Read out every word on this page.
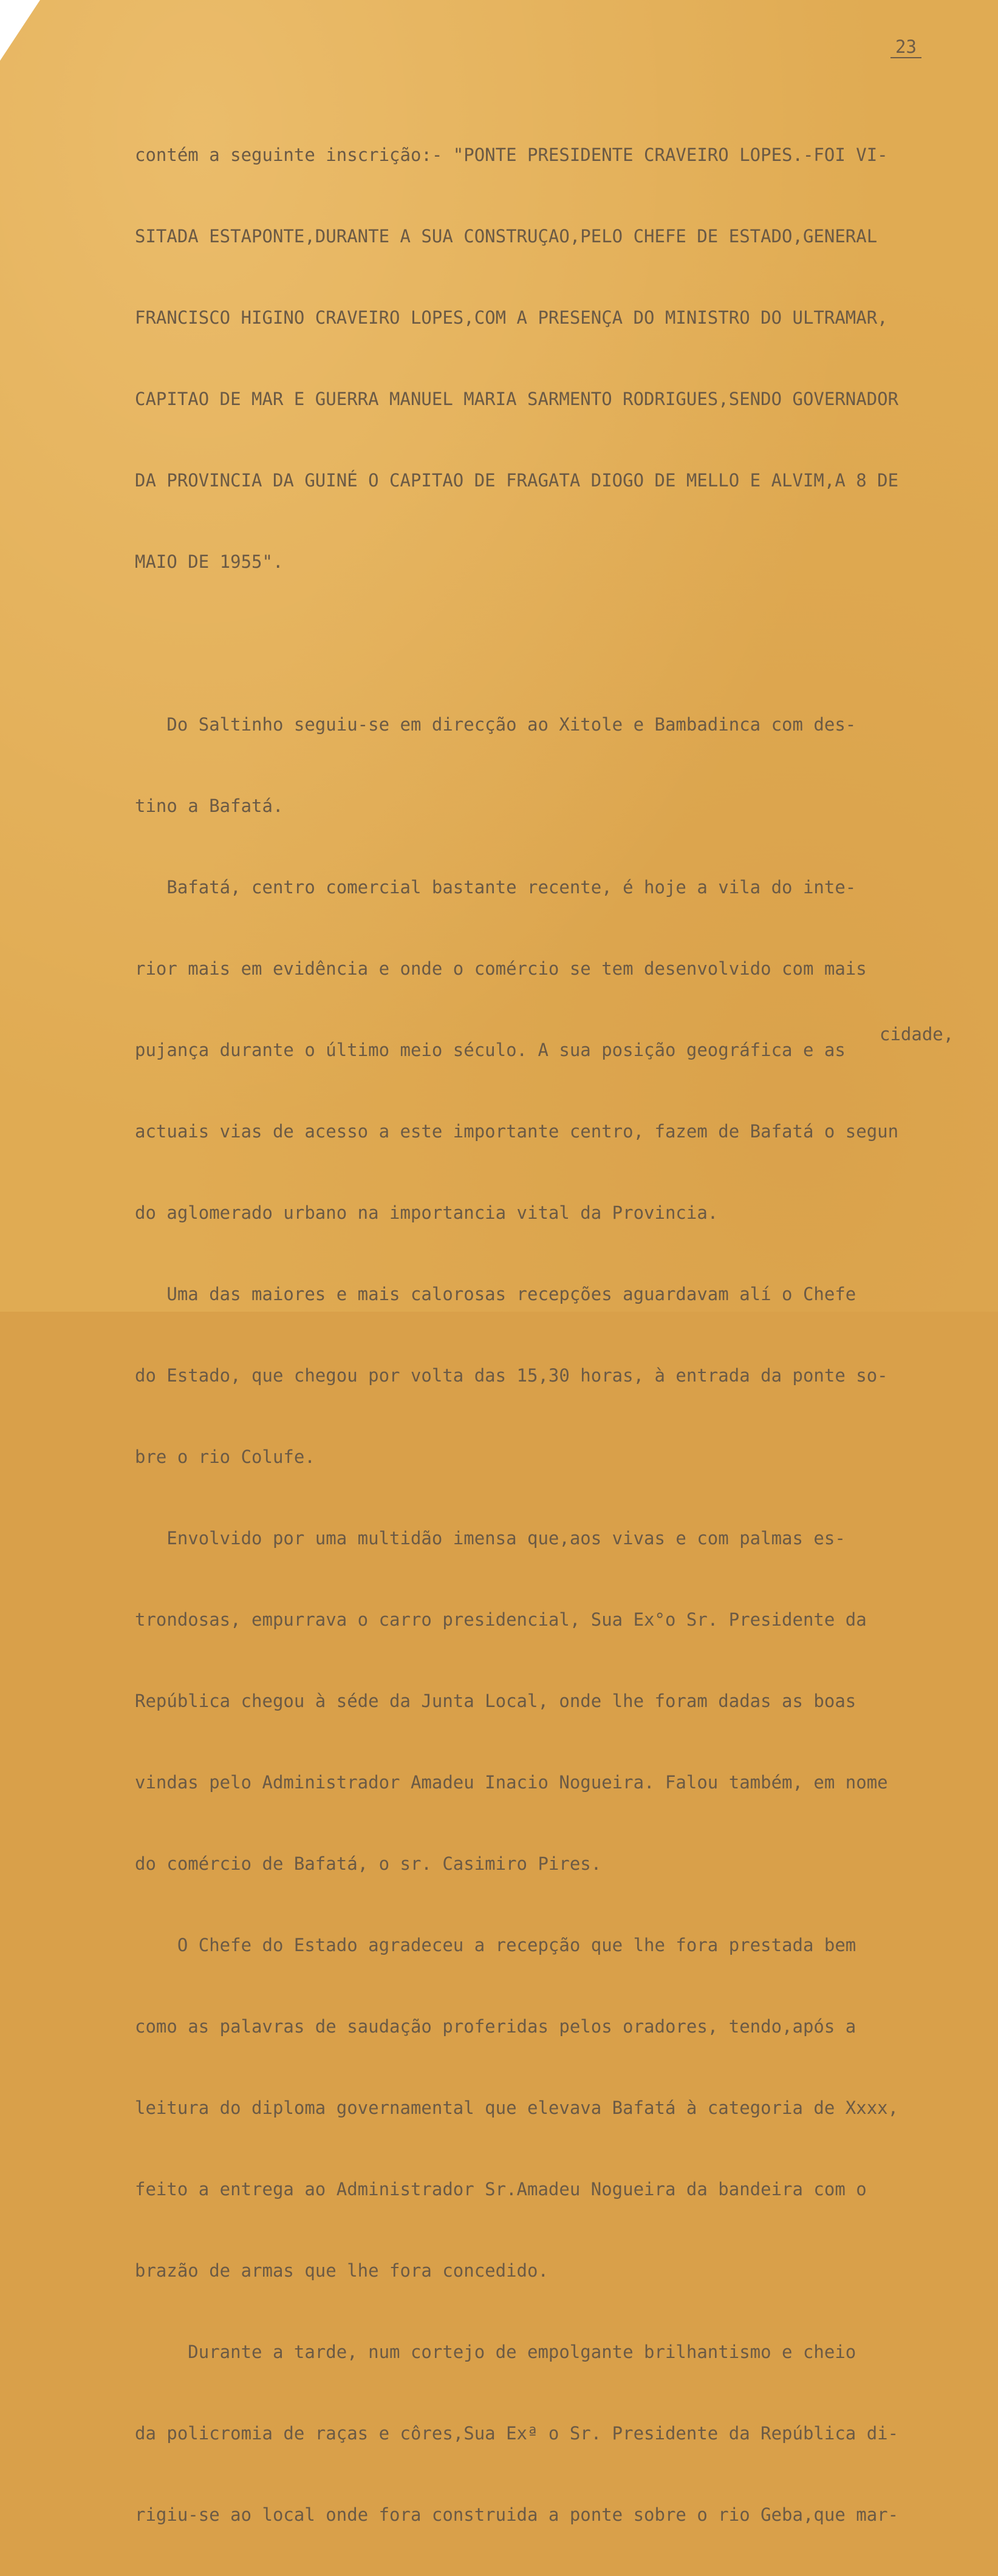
23

contém a seguinte inscrição:- "PONTE PRESIDENTE CRAVEIRO LOPES.-FOI VI-

SITADA ESTAPONTE,DURANTE A SUA CONSTRUÇAO,PELO CHEFE DE ESTADO,GENERAL

FRANCISCO HIGINO CRAVEIRO LOPES,COM A PRESENÇA DO MINISTRO DO ULTRAMAR,

CAPITAO DE MAR E GUERRA MANUEL MARIA SARMENTO RODRIGUES,SENDO GOVERNADOR

DA PROVINCIA DA GUINÉ O CAPITAO DE FRAGATA DIOGO DE MELLO E ALVIM,A 8 DE

MAIO DE 1955".

Do Saltinho seguiu-se em direcção ao Xitole e Bambadinca com des-

tino a Bafatá.

Bafatá, centro comercial bastante recente, é hoje a vila do inte-

rior mais em evidência e onde o comércio se tem desenvolvido com mais

pujança durante o último meio século. A sua posição geográfica e as

actuais vias de acesso a este importante centro, fazem de Bafatá o segun

do aglomerado urbano na importancia vital da Provincia.

Uma das maiores e mais calorosas recepções aguardavam alí o Chefe

do Estado, que chegou por volta das 15,30 horas, à entrada da ponte so-

bre o rio Colufe.

Envolvido por uma multidão imensa que,aos vivas e com palmas es-

trondosas, empurrava o carro presidencial, Sua Ex°o Sr. Presidente da

República chegou à séde da Junta Local, onde lhe foram dadas as boas

vindas pelo Administrador Amadeu Inacio Nogueira. Falou também, em nome

do comércio de Bafatá, o sr. Casimiro Pires.

O Chefe do Estado agradeceu a recepção que lhe fora prestada bem

como as palavras de saudação proferidas pelos oradores, tendo,após a

leitura do diploma governamental que elevava Bafatá à categoria de Xxxx,

feito a entrega ao Administrador Sr.Amadeu Nogueira da bandeira com o

brazão de armas que lhe fora concedido.

Durante a tarde, num cortejo de empolgante brilhantismo e cheio

da policromia de raças e côres,Sua Exª o Sr. Presidente da República di-

rigiu-se ao local onde fora construida a ponte sobre o rio Geba,que mar-

cidade,
